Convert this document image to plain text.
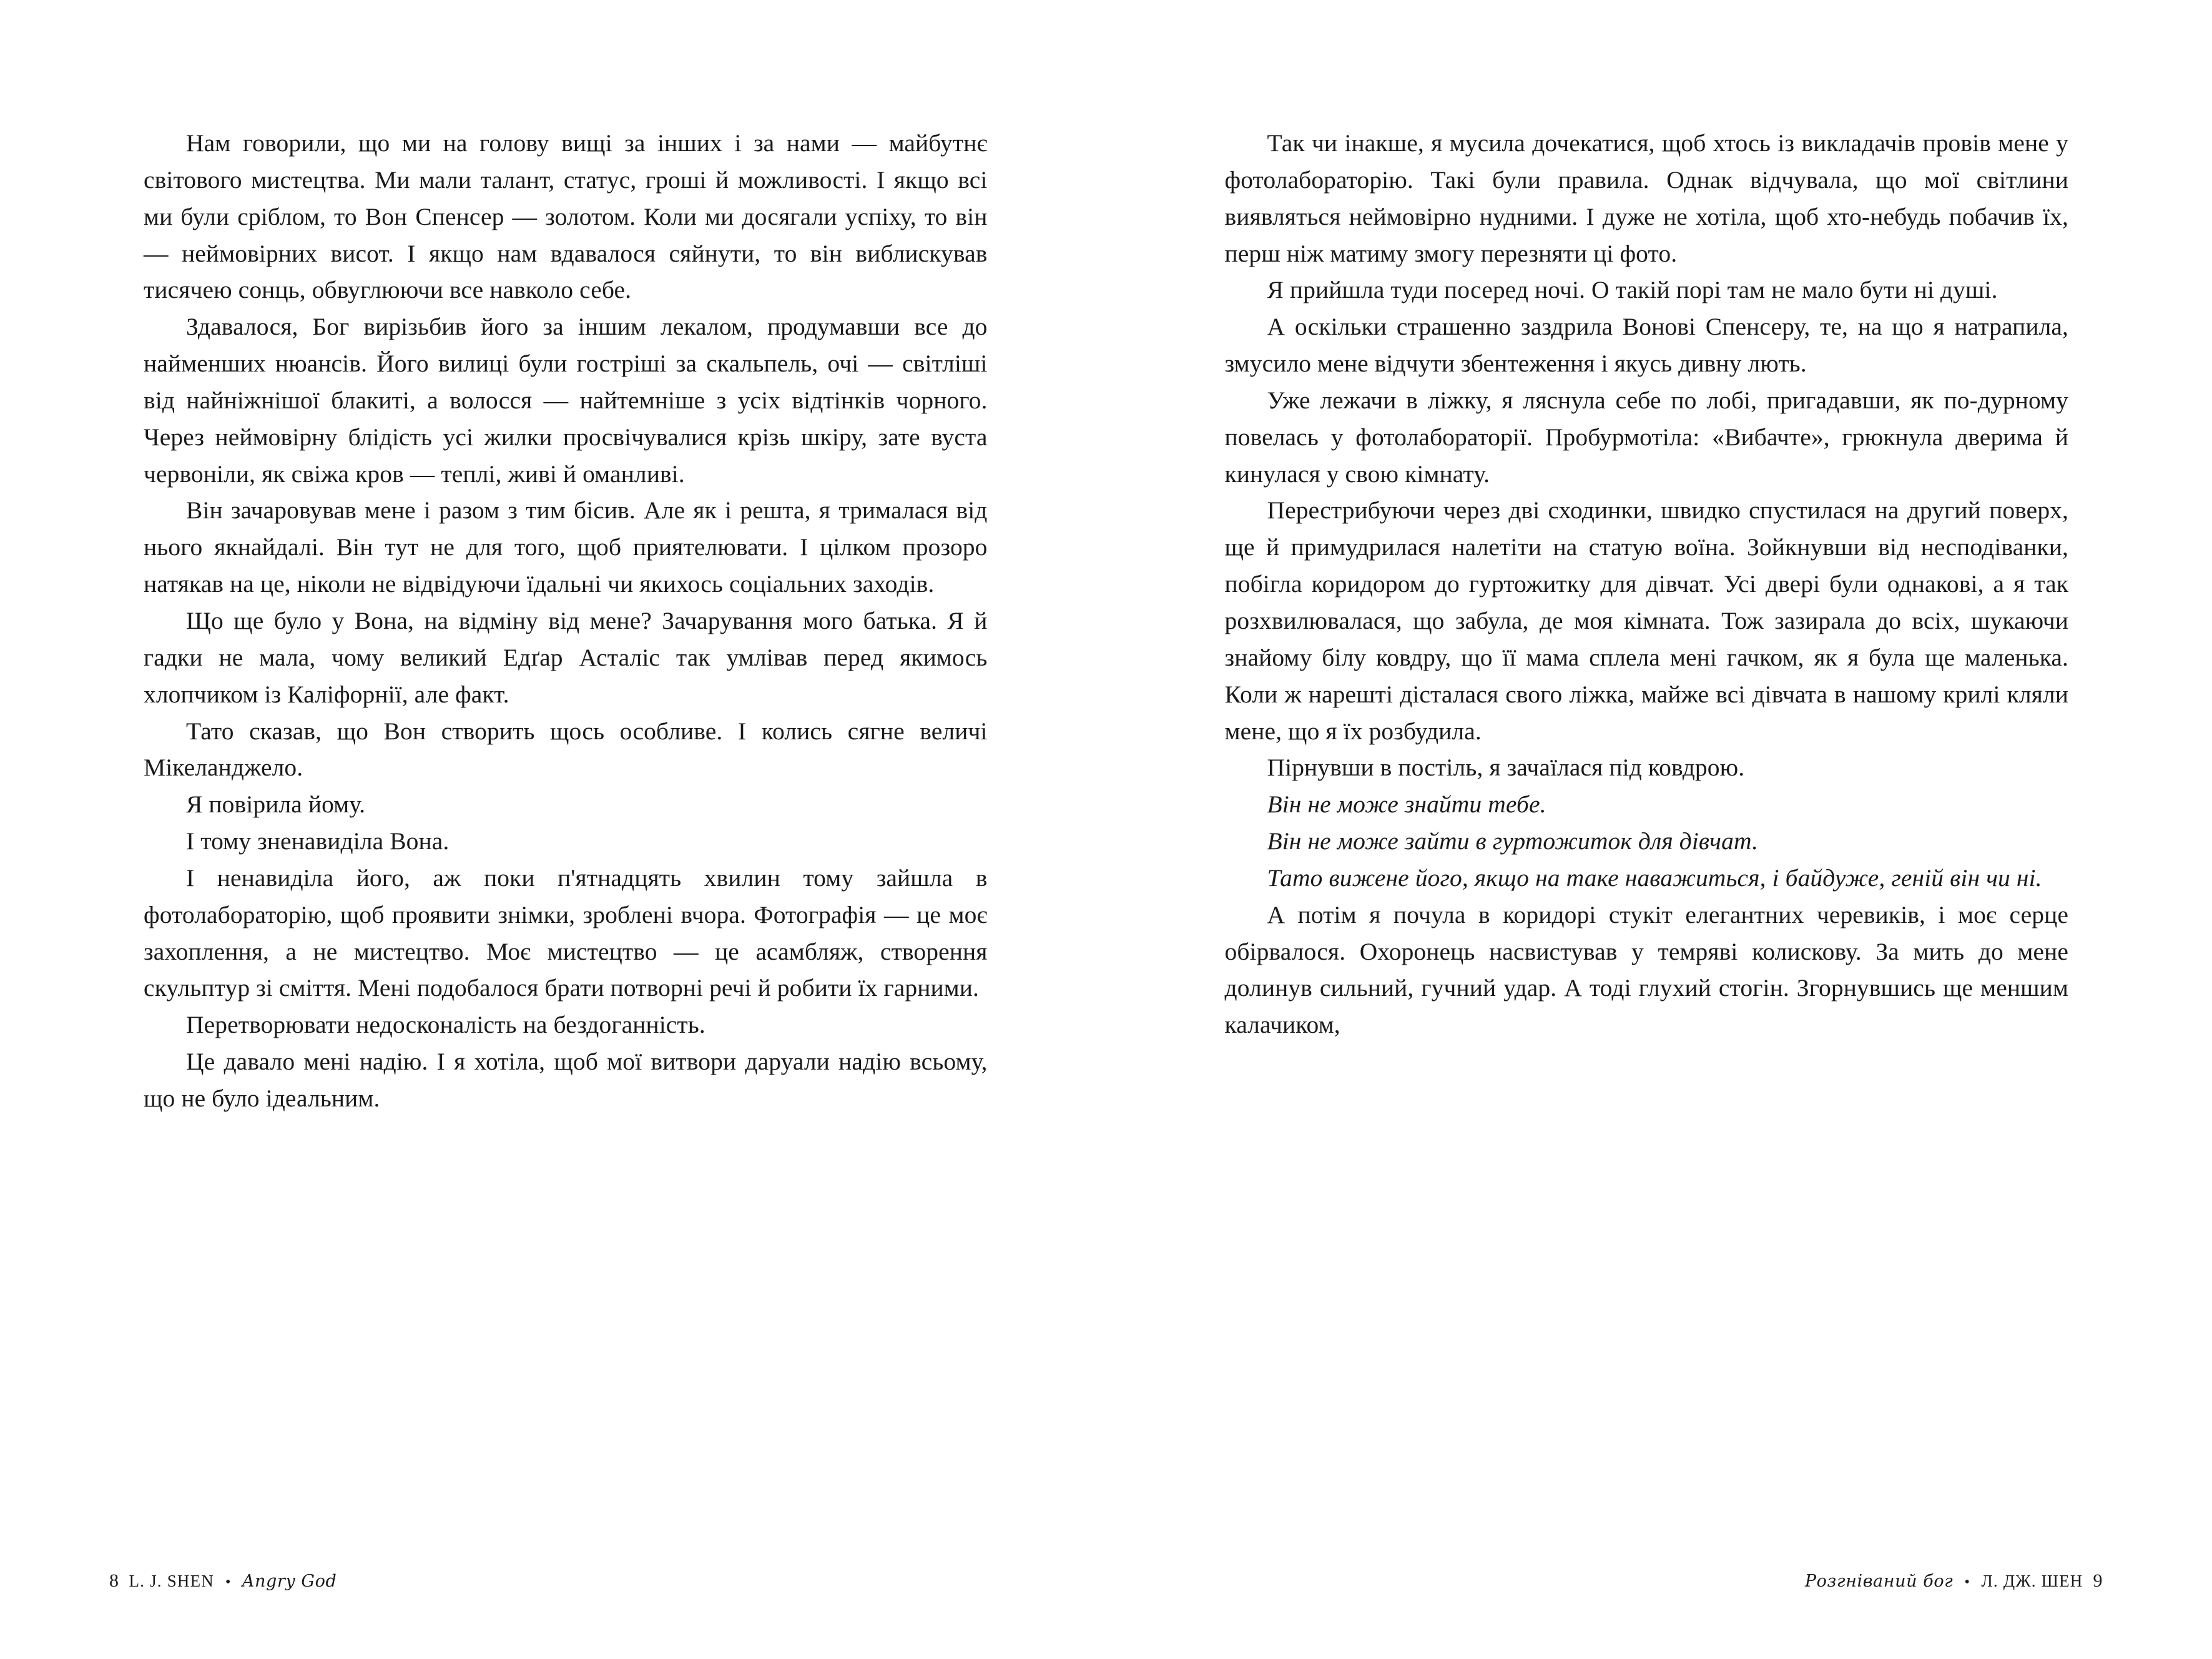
Нам говорили, що ми на голову вищі за інших і за нами — майбутнє світового мистецтва. Ми мали талант, статус, гроші й можливості. І якщо всі ми були сріблом, то Вон Спенсер — золотом. Коли ми досягали успіху, то він — неймовірних висот. І якщо нам вдавалося сяйнути, то він виблискував тисячею сонць, обвуглюючи все навколо себе.

Здавалося, Бог вирізьбив його за іншим лекалом, продумавши все до найменших нюансів. Його вилиці були гостріші за скальпель, очі — світліші від найніжнішої блакиті, а волосся — найтемніше з усіх відтінків чорного. Через неймовірну блідість усі жилки просвічувалися крізь шкіру, зате вуста червоніли, як свіжа кров — теплі, живі й оманливі.

Він зачаровував мене і разом з тим бісив. Але як і решта, я трималася від нього якнайдалі. Він тут не для того, щоб приятелювати. І цілком прозоро натякав на це, ніколи не відвідуючи їдальні чи якихось соціальних заходів.

Що ще було у Вона, на відміну від мене? Зачарування мого батька. Я й гадки не мала, чому великий Едґар Асталіс так умлівав перед якимось хлопчиком із Каліфорнії, але факт.

Тато сказав, що Вон створить щось особливе. І колись сягне величі Мікеланджело.

Я повірила йому.

І тому зненавиділа Вона.

І ненавиділа його, аж поки п'ятнадцять хвилин тому зайшла в фотолабораторію, щоб проявити знімки, зроблені вчора. Фотографія — це моє захоплення, а не мистецтво. Моє мистецтво — це асамбляж, створення скульптур зі сміття. Мені подобалося брати потворні речі й робити їх гарними.

Перетворювати недосконалість на бездоганність.

Це давало мені надію. І я хотіла, щоб мої витвори даруали надію всьому, що не було ідеальним.

8 L. J. SHEN • Angry God

Так чи інакше, я мусила дочекатися, щоб хтось із викладачів провів мене у фотолабораторію. Такі були правила. Однак відчувала, що мої світлини виявляться неймовірно нудними. І дуже не хотіла, щоб хто-небудь побачив їх, перш ніж матиму змогу перезняти ці фото.

Я прийшла туди посеред ночі. О такій порі там не мало бути ні душі.

А оскільки страшенно заздрила Вонові Спенсеру, те, на що я натрапила, змусило мене відчути збентеження і якусь дивну лють.

Уже лежачи в ліжку, я ляснула себе по лобі, пригадавши, як по-дурному повелась у фотолабораторії. Пробурмотіла: «Вибачте», грюкнула дверима й кинулася у свою кімнату.

Перестрибуючи через дві сходинки, швидко спустилася на другий поверх, ще й примудрилася налетіти на статую воїна. Зойкнувши від несподіванки, побігла коридором до гуртожитку для дівчат. Усі двері були однакові, а я так розхвилювалася, що забула, де моя кімната. Тож зазирала до всіх, шукаючи знайому білу ковдру, що її мама сплела мені гачком, як я була ще маленька. Коли ж нарешті дісталася свого ліжка, майже всі дівчата в нашому крилі кляли мене, що я їх розбудила.

Пірнувши в постіль, я зачаїлася під ковдрою.

Він не може знайти тебе.

Він не може зайти в гуртожиток для дівчат.

Тато вижене його, якщо на таке наважиться, і байдуже, геній він чи ні.

А потім я почула в коридорі стукіт елегантних черевиків, і моє серце обірвалося. Охоронець насвистував у темряві колискову. За мить до мене долинув сильний, гучний удар. А тоді глухий стогін. Згорнувшись ще меншим калачиком,

Розгніваний бог • Л. ДЖ. ШЕН 9
